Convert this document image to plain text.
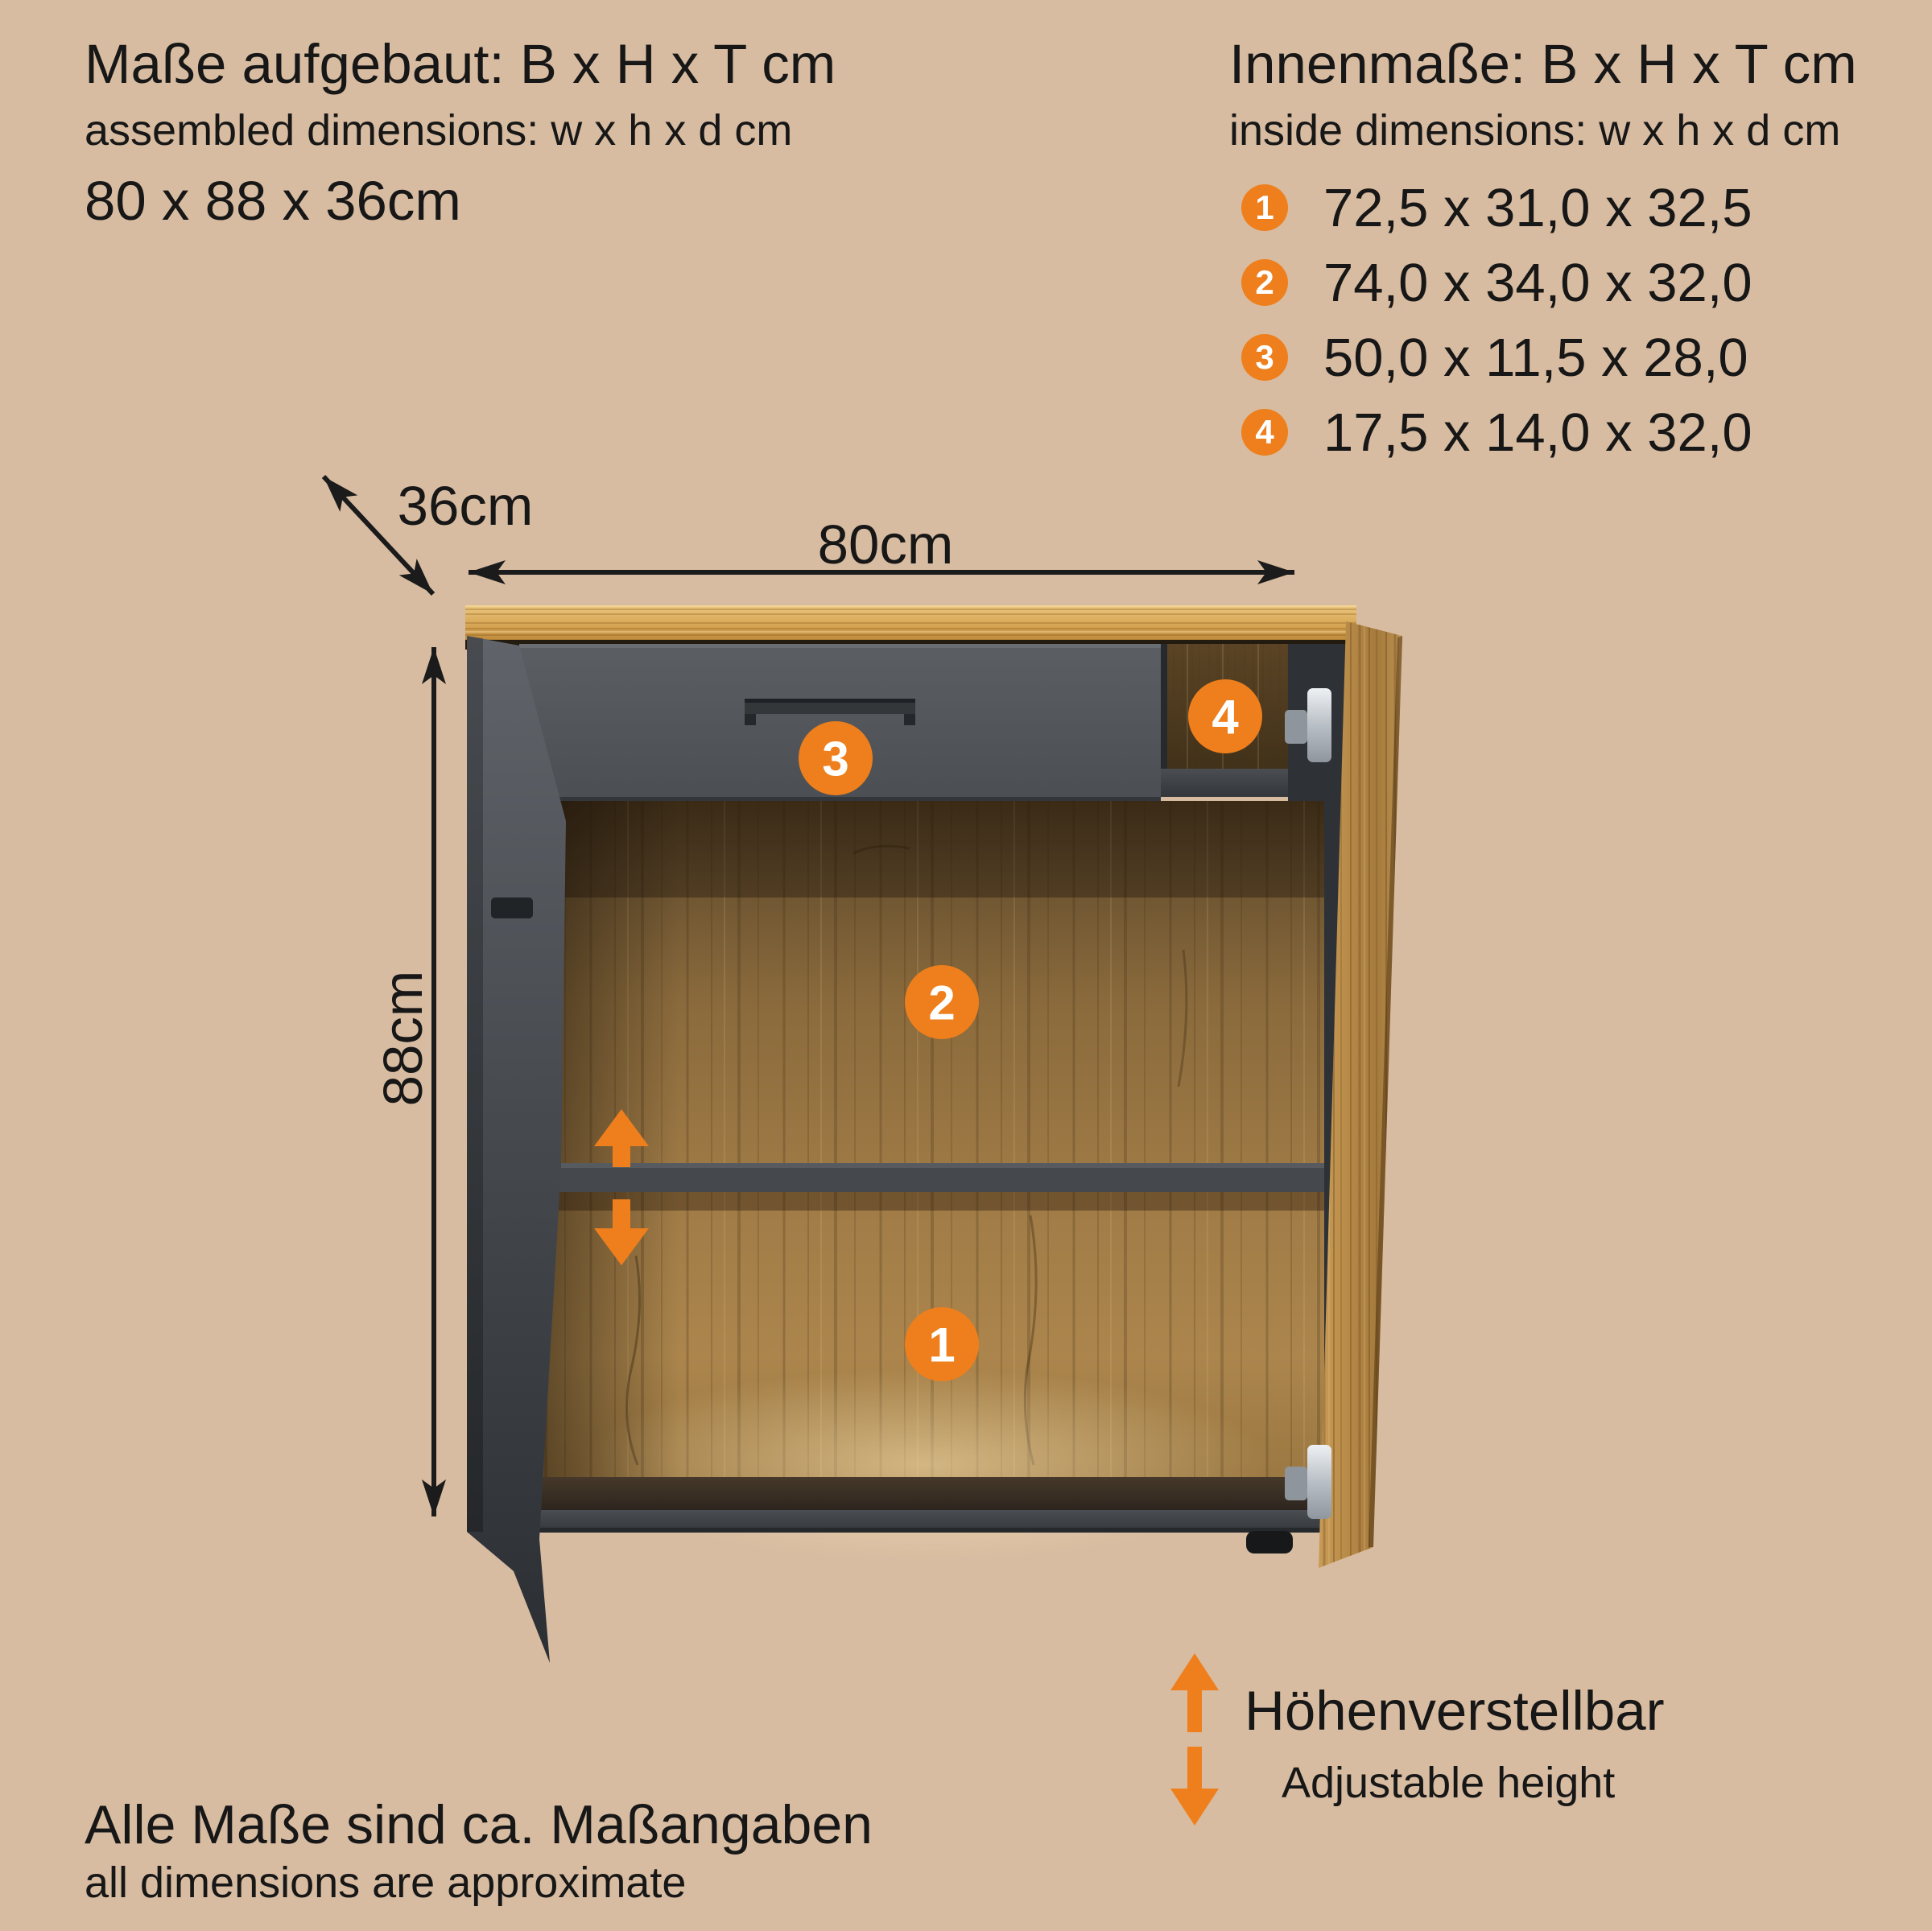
Maße aufgebaut: B x H x T cm
assembled dimensions: w x h x d cm
80 x 88 x 36cm
Innenmaße: B x H x T cm
inside dimensions: w x h x d cm
1 72,5 x 31,0 x 32,5
2 74,0 x 34,0 x 32,0
3 50,0 x 11,5 x 28,0
4 17,5 x 14,0 x 32,0
1
2
3
4
80cm
36cm
88cm
Höhenverstellbar
Adjustable height
Alle Maße sind ca. Maßangaben
all dimensions are approximate
